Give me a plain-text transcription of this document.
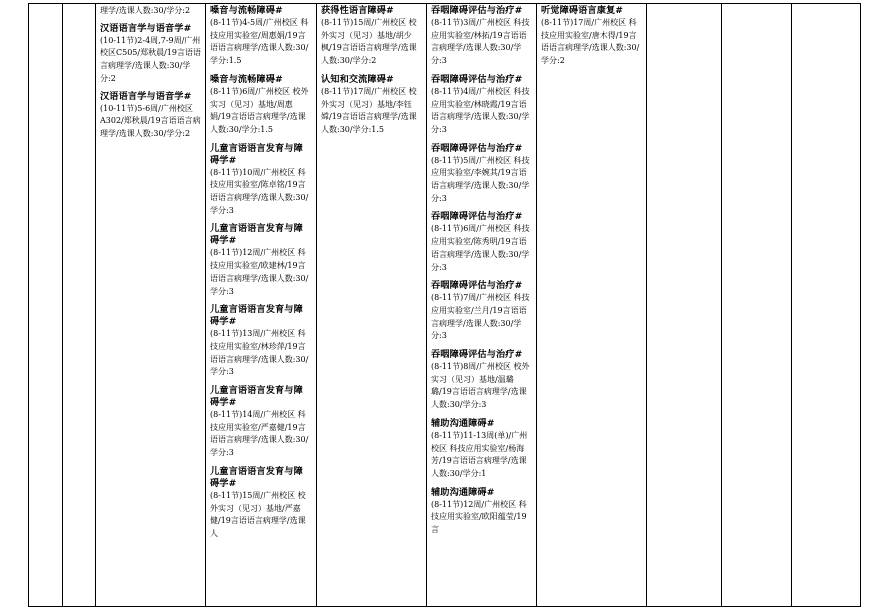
理学/选课人数:30/学分:2
汉语语言学与语音学#
(10-11节)2-4周,7-9周/广州校区C505/郑秋晨/19言语语言病理学/选课人数:30/学分:2
汉语语言学与语音学#
(10-11节)5-6周/广州校区A302/郑秋晨/19言语语言病理学/选课人数:30/学分:2

嗓音与流畅障碍#
(8-11节)4-5周/广州校区 科技应用实验室/周惠娟/19言语语言病理学/选课人数:30/学分:1.5
嗓音与流畅障碍#
(8-11节)6周/广州校区 校外实习（见习）基地/周惠娟/19言语语言病理学/选课人数:30/学分:1.5
儿童言语语言发育与障碍学#
(8-11节)10周/广州校区 科技应用实验室/陈卓铭/19言语语言病理学/选课人数:30/学分:3
儿童言语语言发育与障碍学#
(8-11节)12周/广州校区 科技应用实验室/欧建林/19言语语言病理学/选课人数:30/学分:3
儿童言语语言发育与障碍学#
(8-11节)13周/广州校区 科技应用实验室/林珍萍/19言语语言病理学/选课人数:30/学分:3
儿童言语语言发育与障碍学#
(8-11节)14周/广州校区 科技应用实验室/严嘉健/19言语语言病理学/选课人数:30/学分:3
儿童言语语言发育与障碍学#
(8-11节)15周/广州校区 校外实习（见习）基地/严嘉健/19言语语言病理学/选课人

获得性语言障碍#
(8-11节)15周/广州校区 校外实习（见习）基地/胡少枫/19言语语言病理学/选课人数:30/学分:2
认知和交流障碍#
(8-11节)17周/广州校区 校外实习（见习）基地/李钰嫦/19言语语言病理学/选课人数:30/学分:1.5

吞咽障碍评估与治疗#
(8-11节)3周/广州校区 科技应用实验室/林拓/19言语语言病理学/选课人数:30/学分:3
吞咽障碍评估与治疗#
(8-11节)4周/广州校区 科技应用实验室/林晓霞/19言语语言病理学/选课人数:30/学分:3
吞咽障碍评估与治疗#
(8-11节)5周/广州校区 科技应用实验室/李婉其/19言语语言病理学/选课人数:30/学分:3
吞咽障碍评估与治疗#
(8-11节)6周/广州校区 科技应用实验室/陈秀明/19言语语言病理学/选课人数:30/学分:3
吞咽障碍评估与治疗#
(8-11节)7周/广州校区 科技应用实验室/兰月/19言语语言病理学/选课人数:30/学分:3
吞咽障碍评估与治疗#
(8-11节)8周/广州校区 校外实习（见习）基地/温璐璐/19言语语言病理学/选课人数:30/学分:3
辅助沟通障碍#
(8-11节)11-13周(单)/广州校区 科技应用实验室/杨海芳/19言语语言病理学/选课人数:30/学分:1
辅助沟通障碍#
(8-11节)12周/广州校区 科技应用实验室/欧阳蕴莹/19言

听觉障碍语言康复#
(8-11节)17周/广州校区 科技应用实验室/唐木得/19言语语言病理学/选课人数:30/学分:2
